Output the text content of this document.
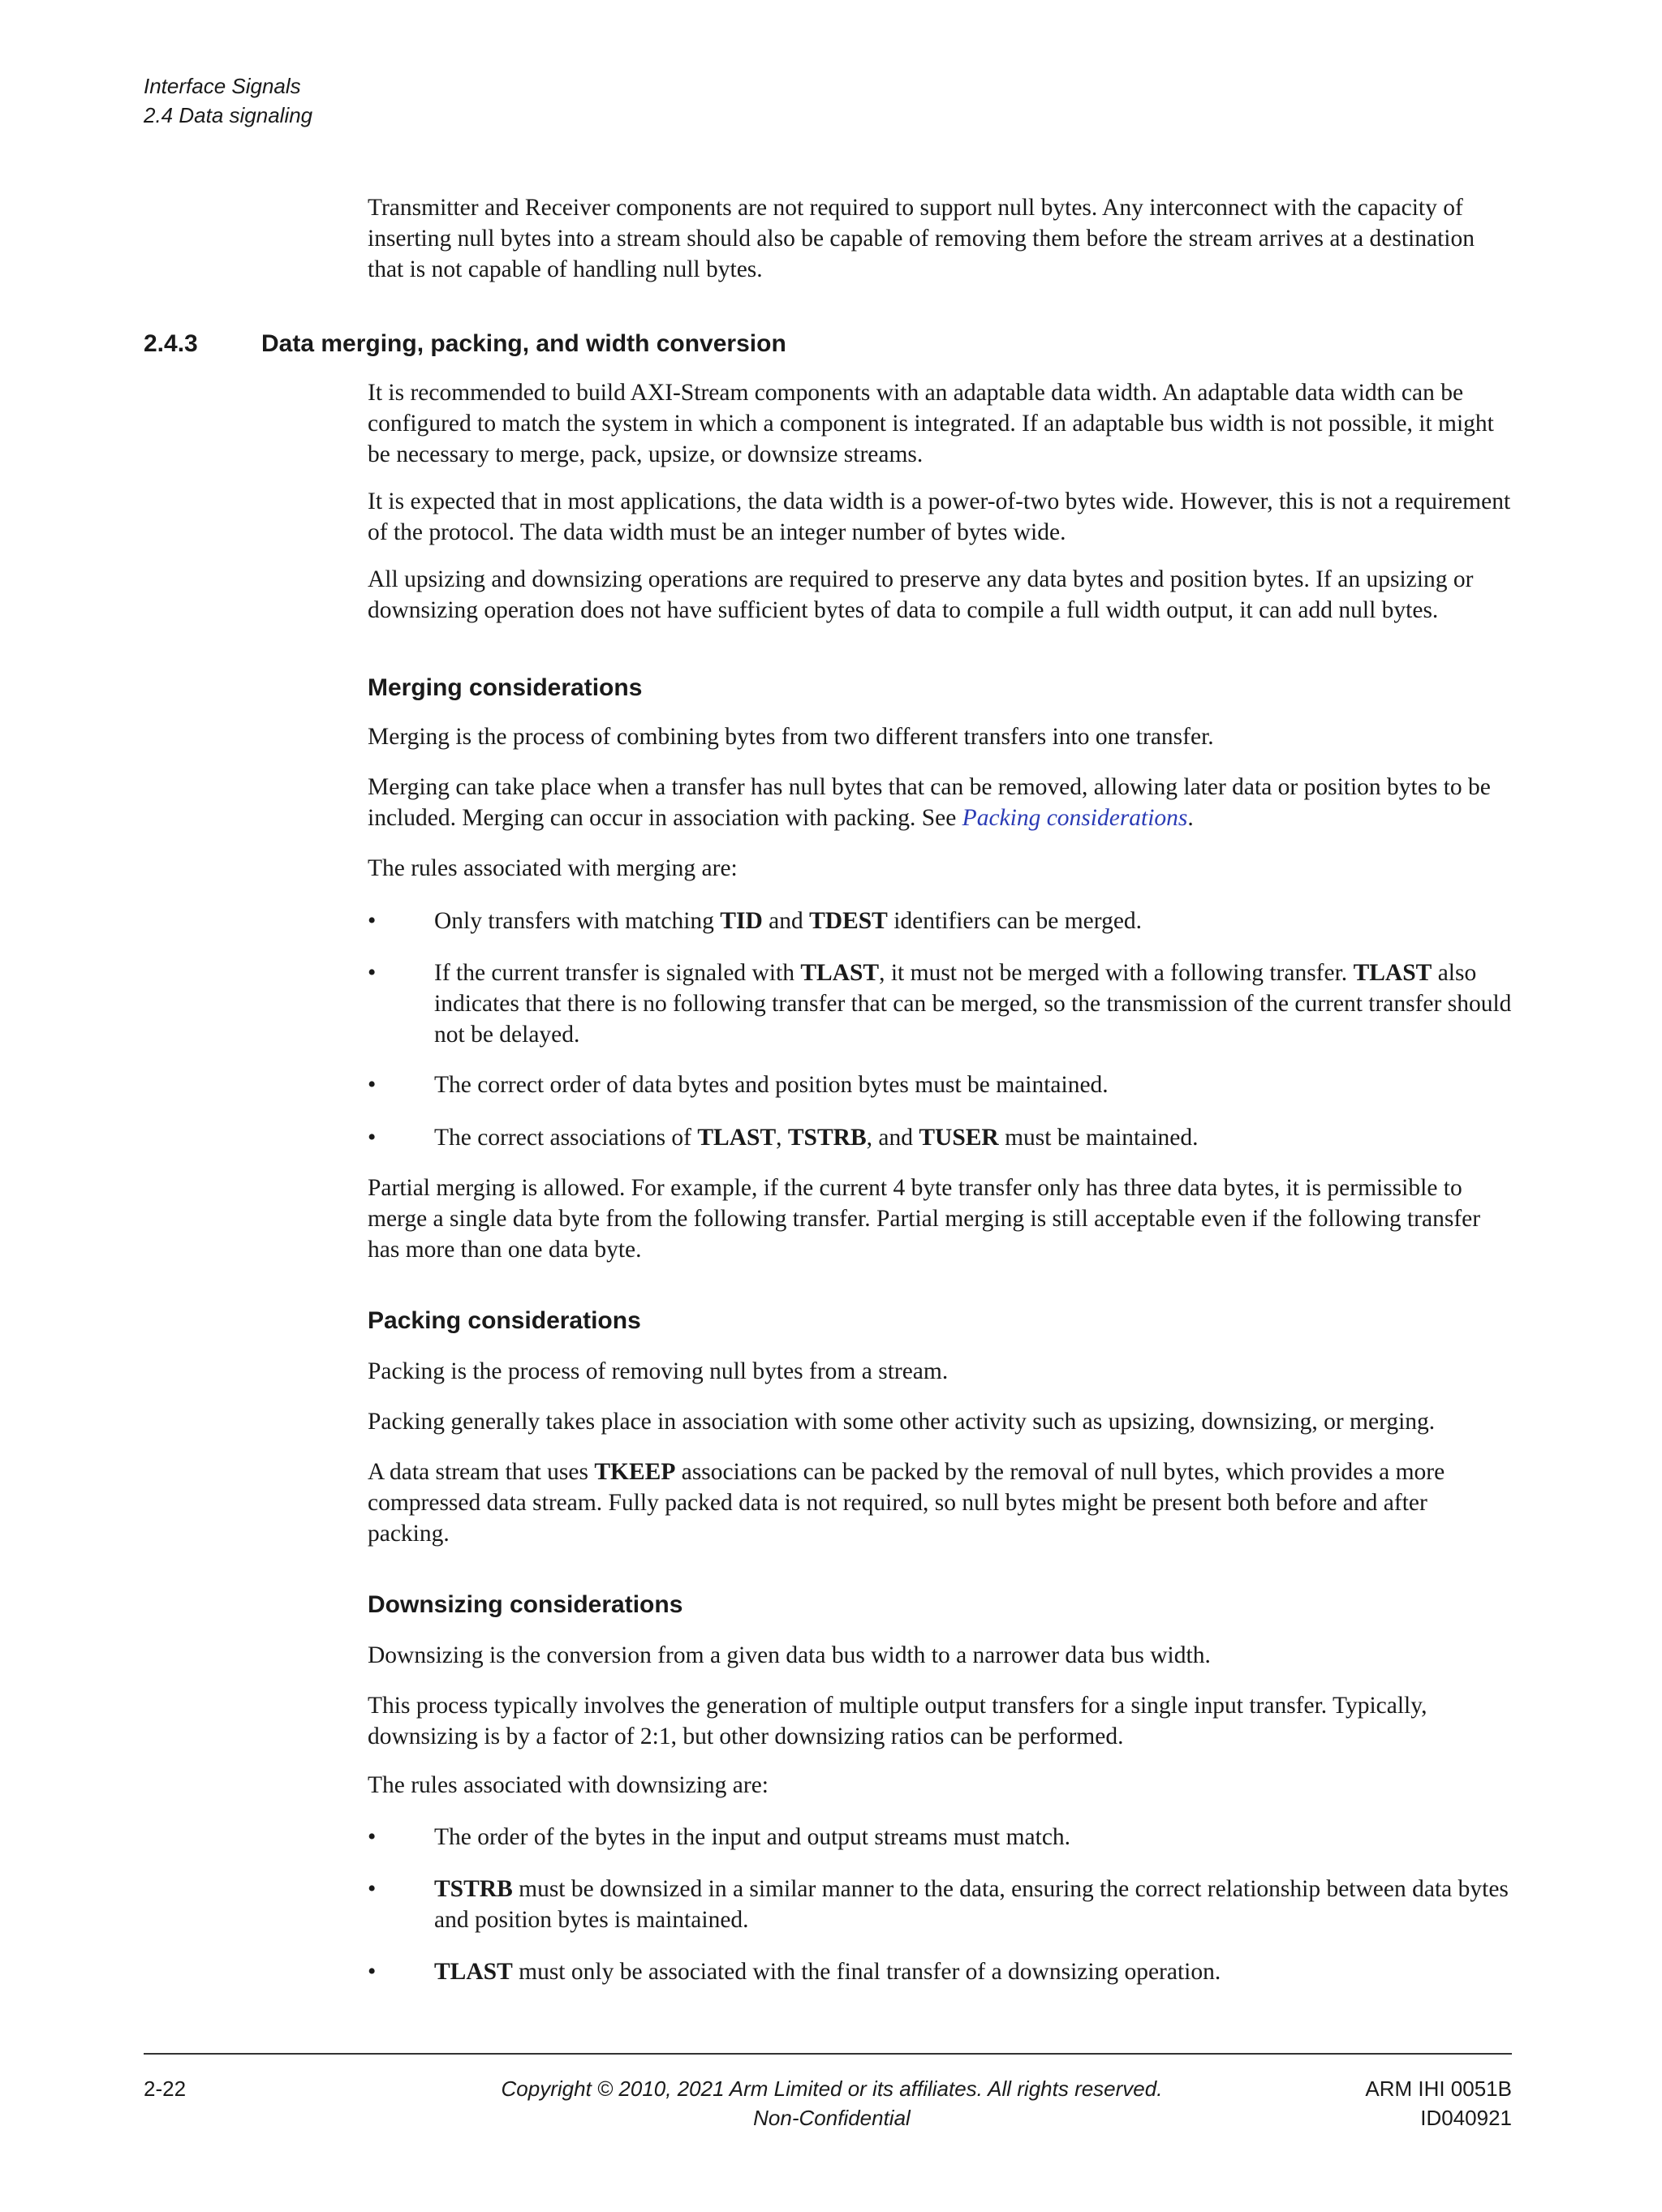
Interface Signals
2.4 Data signaling

Transmitter and Receiver components are not required to support null bytes. Any interconnect with the capacity of inserting null bytes into a stream should also be capable of removing them before the stream arrives at a destination that is not capable of handling null bytes.

2.4.3	Data merging, packing, and width conversion

It is recommended to build AXI-Stream components with an adaptable data width. An adaptable data width can be configured to match the system in which a component is integrated. If an adaptable bus width is not possible, it might be necessary to merge, pack, upsize, or downsize streams.

It is expected that in most applications, the data width is a power-of-two bytes wide. However, this is not a requirement of the protocol. The data width must be an integer number of bytes wide.

All upsizing and downsizing operations are required to preserve any data bytes and position bytes. If an upsizing or downsizing operation does not have sufficient bytes of data to compile a full width output, it can add null bytes.

Merging considerations

Merging is the process of combining bytes from two different transfers into one transfer.

Merging can take place when a transfer has null bytes that can be removed, allowing later data or position bytes to be included. Merging can occur in association with packing. See Packing considerations.

The rules associated with merging are:

• Only transfers with matching TID and TDEST identifiers can be merged.

• If the current transfer is signaled with TLAST, it must not be merged with a following transfer. TLAST also indicates that there is no following transfer that can be merged, so the transmission of the current transfer should not be delayed.

• The correct order of data bytes and position bytes must be maintained.

• The correct associations of TLAST, TSTRB, and TUSER must be maintained.

Partial merging is allowed. For example, if the current 4 byte transfer only has three data bytes, it is permissible to merge a single data byte from the following transfer. Partial merging is still acceptable even if the following transfer has more than one data byte.

Packing considerations

Packing is the process of removing null bytes from a stream.

Packing generally takes place in association with some other activity such as upsizing, downsizing, or merging.

A data stream that uses TKEEP associations can be packed by the removal of null bytes, which provides a more compressed data stream. Fully packed data is not required, so null bytes might be present both before and after packing.

Downsizing considerations

Downsizing is the conversion from a given data bus width to a narrower data bus width.

This process typically involves the generation of multiple output transfers for a single input transfer. Typically, downsizing is by a factor of 2:1, but other downsizing ratios can be performed.

The rules associated with downsizing are:

• The order of the bytes in the input and output streams must match.

• TSTRB must be downsized in a similar manner to the data, ensuring the correct relationship between data bytes and position bytes is maintained.

• TLAST must only be associated with the final transfer of a downsizing operation.

2-22	Copyright © 2010, 2021 Arm Limited or its affiliates. All rights reserved.
Non-Confidential
ARM IHI 0051B
ID040921
